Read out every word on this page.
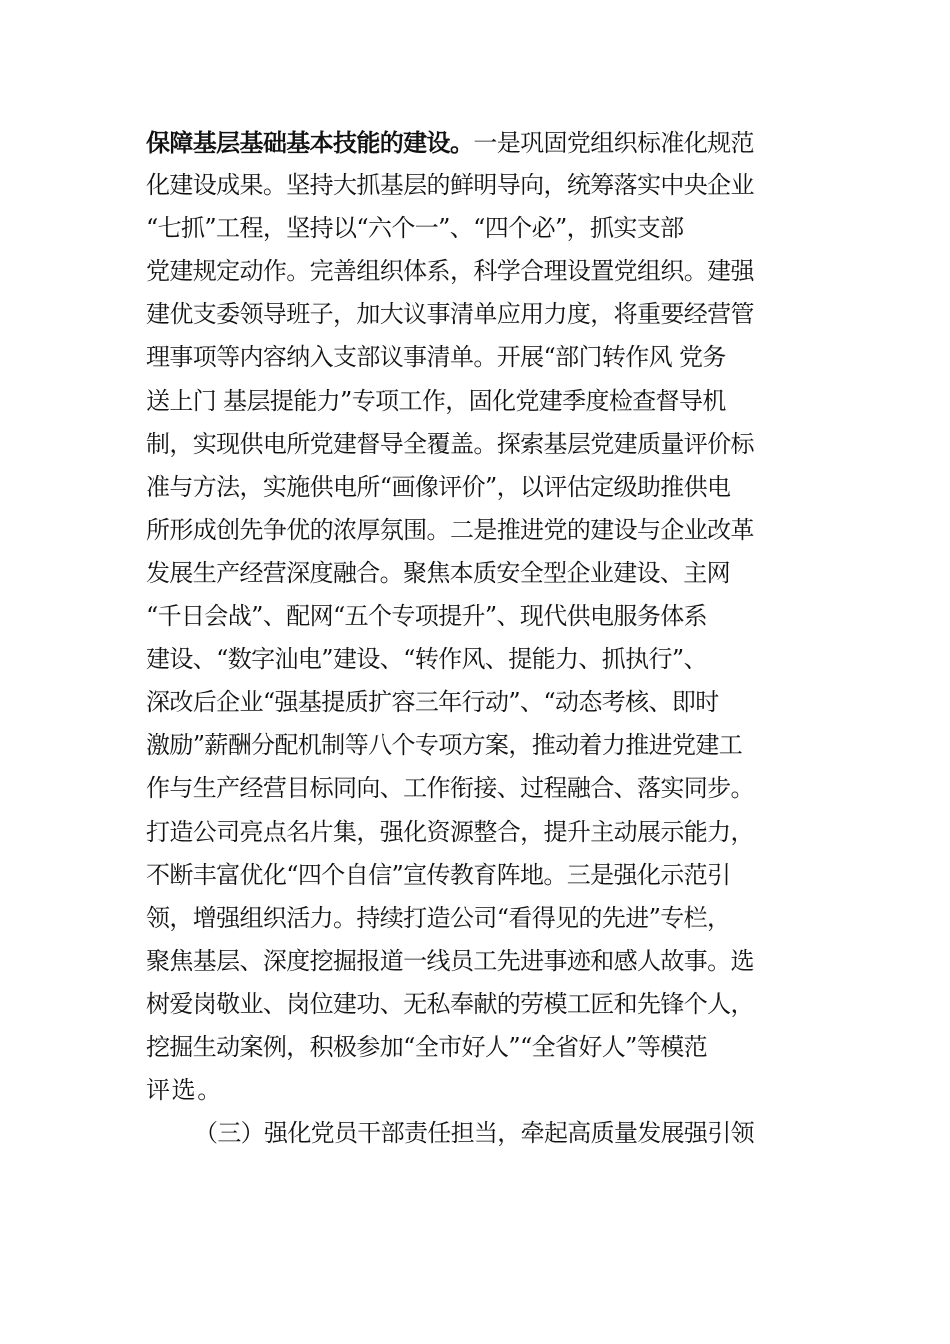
保障基层基础基本技能的建设。一是巩固党组织标准化规范
化建设成果。坚持大抓基层的鲜明导向，统筹落实中央企业
“七抓”工程，坚持以“六个一”、“四个必”，抓实支部
党建规定动作。完善组织体系，科学合理设置党组织。建强
建优支委领导班子，加大议事清单应用力度，将重要经营管
理事项等内容纳入支部议事清单。开展“部门转作风 党务
送上门 基层提能力”专项工作，固化党建季度检查督导机
制，实现供电所党建督导全覆盖。探索基层党建质量评价标
准与方法，实施供电所“画像评价”，以评估定级助推供电
所形成创先争优的浓厚氛围。二是推进党的建设与企业改革
发展生产经营深度融合。聚焦本质安全型企业建设、主网
“千日会战”、配网“五个专项提升”、现代供电服务体系
建设、“数字汕电”建设、“转作风、提能力、抓执行”、
深改后企业“强基提质扩容三年行动”、“动态考核、即时
激励”薪酬分配机制等八个专项方案，推动着力推进党建工
作与生产经营目标同向、工作衔接、过程融合、落实同步。
打造公司亮点名片集，强化资源整合，提升主动展示能力，
不断丰富优化“四个自信”宣传教育阵地。三是强化示范引
领，增强组织活力。持续打造公司“看得见的先进”专栏，
聚焦基层、深度挖掘报道一线员工先进事迹和感人故事。选
树爱岗敬业、岗位建功、无私奉献的劳模工匠和先锋个人，
挖掘生动案例，积极参加“全市好人”“全省好人”等模范
评选。
（三）强化党员干部责任担当，牵起高质量发展强引领
